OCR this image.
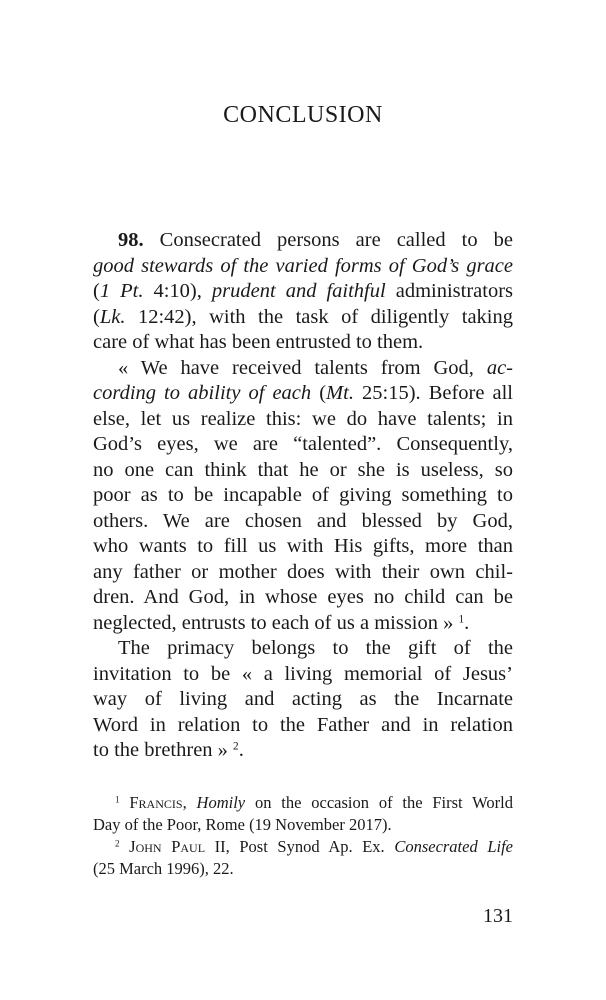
CONCLUSION
98. Consecrated persons are called to be
good stewards of the varied forms of God’s grace
(1 Pt. 4:10), prudent and faithful administrators
(Lk. 12:42), with the task of diligently taking
care of what has been entrusted to them.
« We have received talents from God, ac-
cording to ability of each (Mt. 25:15). Before all
else, let us realize this: we do have talents; in
God’s eyes, we are “talented”. Consequently,
no one can think that he or she is useless, so
poor as to be incapable of giving something to
others. We are chosen and blessed by God,
who wants to fill us with His gifts, more than
any father or mother does with their own chil-
dren. And God, in whose eyes no child can be
neglected, entrusts to each of us a mission » $^1$.
The primacy belongs to the gift of the
invitation to be « a living memorial of Jesus’
way of living and acting as the Incarnate
Word in relation to the Father and in relation
to the brethren » $^2$.
$^1$ Francis, Homily on the occasion of the First World
Day of the Poor, Rome (19 November 2017).
$^2$ John Paul II, Post Synod Ap. Ex. Consecrated Life
(25 March 1996), 22.
131
